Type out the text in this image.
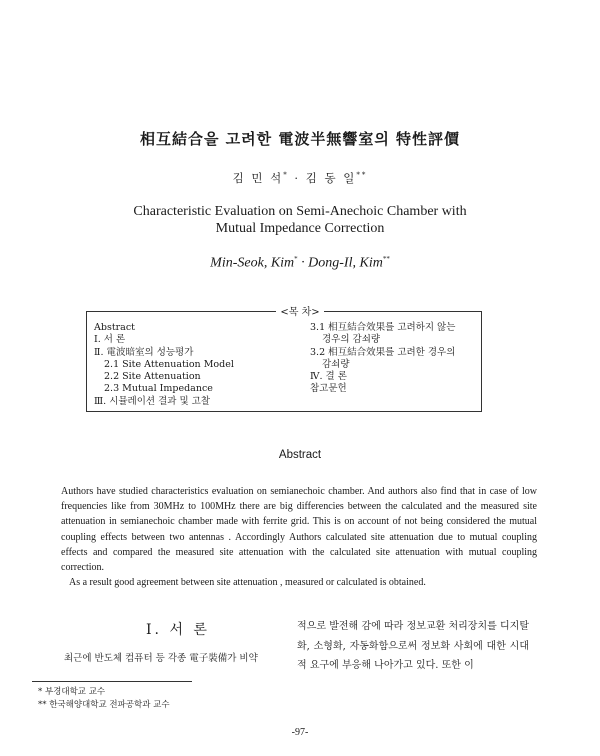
相互結合을 고려한 電波半無響室의 特性評價
김 민 석* · 김 동 일**
Characteristic Evaluation on Semi-Anechoic Chamber with
Mutual Impedance Correction
Min-Seok, Kim* · Dong-Il, Kim**
<목 차>
Abstract
Ⅰ. 서 론
Ⅱ. 電波暗室의 성능평가
2.1 Site Attenuation Model
2.2 Site Attenuation
2.3 Mutual Impedance
Ⅲ. 시뮬레이션 결과 및 고찰
3.1 相互結合效果를 고려하지 않는
경우의 감쇠량
3.2 相互結合效果를 고려한 경우의
감쇠량
Ⅳ. 결 론
참고문헌
Abstract

Authors have studied characteristics evaluation on semianechoic chamber. And authors also find that in case of low frequencies like from 30MHz to 100MHz there are big differencies between the calculated and the measured site attenuation in semianechoic chamber made with ferrite grid. This is on account of not being considered the mutual coupling effects between two antennas . Accordingly Authors calculated site attenuation due to mutual coupling effects and compared the measured site attenuation with the calculated site attenuation with mutual coupling correction.

As a result good agreement between site attenuation , measured or calculated is obtained.

Ⅰ. 서 론
최근에 반도체 컴퓨터 등 각종 電子裝備가 비약
적으로 발전해 감에 따라 정보교환 처리장치를 디지탈화, 소형화, 자동화함으로써 정보화 사회에 대한 시대적 요구에 부응해 나아가고 있다. 또한 이
* 부경대학교 교수
** 한국해양대학교 전파공학과 교수
-97-
